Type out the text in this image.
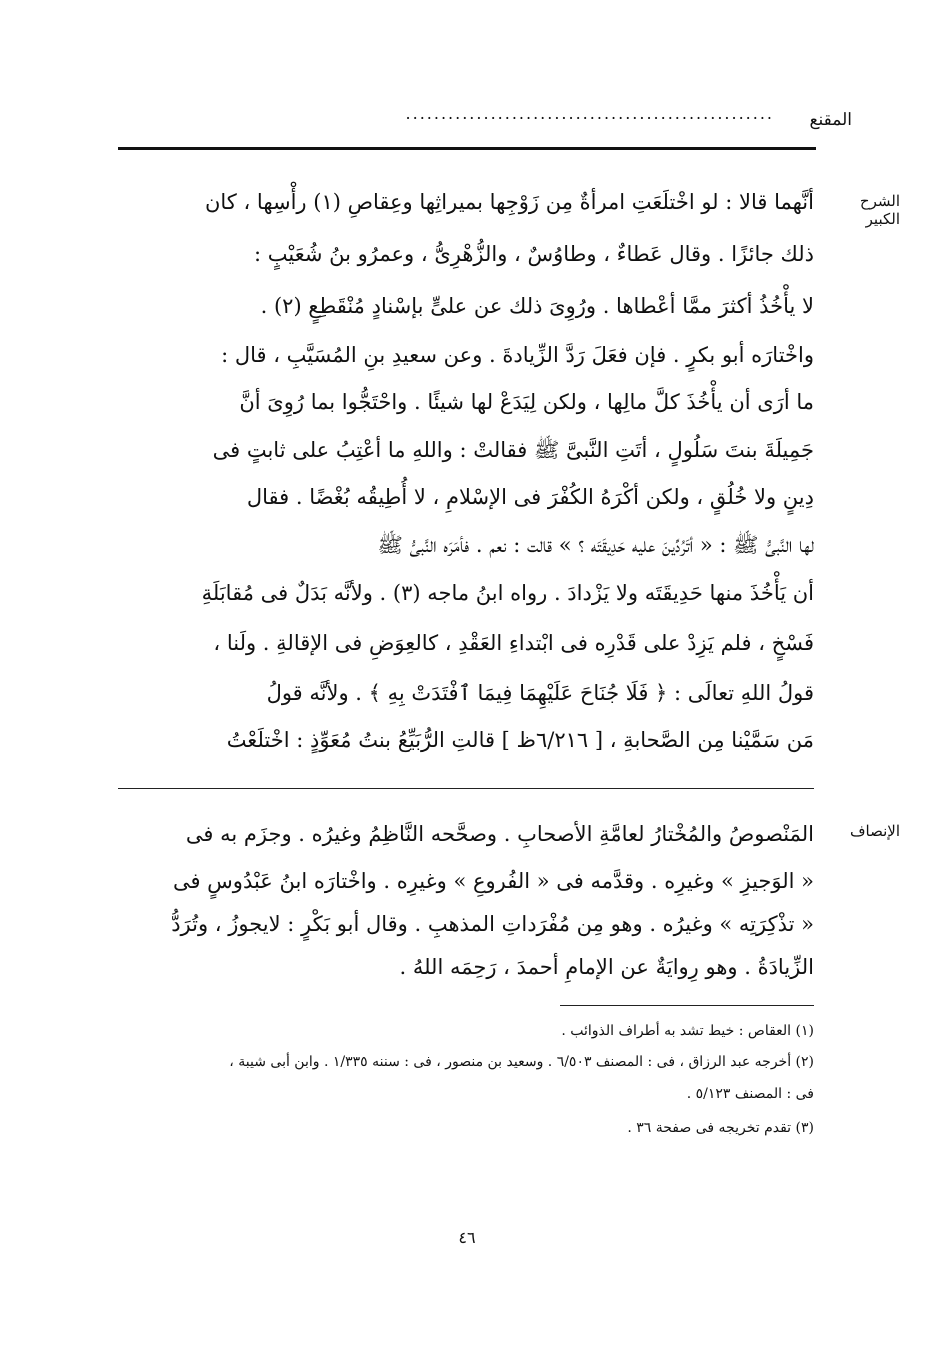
المقنع
....................................................
الشرح الكبير
أنَّهما قالا : لو اخْتلَعَتِ امرأةٌ مِن زَوْجِها بميراثِها وعِقاصِ (١) رأْسِها ، كان
ذلك جائزًا . وقال عَطاءٌ ، وطاوُسٌ ، والزُّهْرِىُّ ، وعمرُو بنُ شُعَيْبٍ :
لا يأْخُذُ أكثرَ ممَّا أعْطاها . ورُوِىَ ذلك عن علىٍّ بإسْنادٍ مُنْقَطِعٍ (٢) .
واخْتارَه أبو بكرٍ . فإن فعَلَ رَدَّ الزِّيادةَ . وعن سعيدِ بنِ المُسَيَّبِ ، قال :
ما أرَى أن يأْخُذَ كلَّ مالِها ، ولكن لِيَدَعْ لها شيئًا . واحْتَجُّوا بما رُوِىَ أنَّ
جَمِيلَةَ بنتَ سَلُولٍ ، أتَتِ النَّبىَّ ﷺ فقالتْ : واللهِ ما أعْتِبُ على ثابتٍ فى
دِينٍ ولا خُلُقٍ ، ولكن أكْرَهُ الكُفْرَ فى الإسْلامِ ، لا أُطِيقُه بُغْضًا . فقال
لها النَّبىُّ ﷺ : « أتَرُدِّينَ عليه حَدِيقَتَه ؟ » قالت : نعم . فأمَرَه النَّبىُّ ﷺ
أن يَأْخُذَ منها حَدِيقَتَه ولا يَزْدادَ . رواه ابنُ ماجه (٣) . ولأنَّه بَدَلٌ فى مُقابَلَةِ
فَسْخٍ ، فلم يَزِدْ على قَدْرِه فى ابْتداءِ العَقْدِ ، كالعِوَضِ فى الإقالةِ . ولَنا ،
قولُ اللهِ تعالَى : ﴿ فَلَا جُنَاحَ عَلَيْهِمَا فِيمَا ٱفْتَدَتْ بِهِ ﴾ . ولأنَّه قولُ
مَن سَمَّيْنا مِن الصَّحابةِ ، [ ٦/٢١٦ظ ] قالتِ الرُّبَيِّعُ بنتُ مُعَوِّذٍ : اخْتلَعْتُ
الإنصاف
المَنْصوصُ والمُخْتارُ لعامَّةِ الأصحابِ . وصحَّحه النَّاظِمُ وغيرُه . وجزَم به فى
« الوَجيزِ » وغيرِه . وقدَّمه فى « الفُروعِ » وغيرِه . واخْتارَه ابنُ عَبْدُوسٍ فى
« تذْكِرَتِه » وغيرُه . وهو مِن مُفْرَداتِ المذهبِ . وقال أبو بَكْرٍ : لايجوزُ ، وتُرَدُّ
الزِّيادَةُ . وهو رِوايَةٌ عن الإمامِ أحمدَ ، رَحِمَه اللهُ .
(١) العقاص : خيط تشد به أطراف الذوائب .
(٢) أخرجه عبد الرزاق ، فى : المصنف ٦/٥٠٣ . وسعيد بن منصور ، فى : سننه ١/٣٣٥ . وابن أبى شيبة ،
فى : المصنف ٥/١٢٣ .
(٣) تقدم تخريجه فى صفحة ٣٦ .
٤٦
